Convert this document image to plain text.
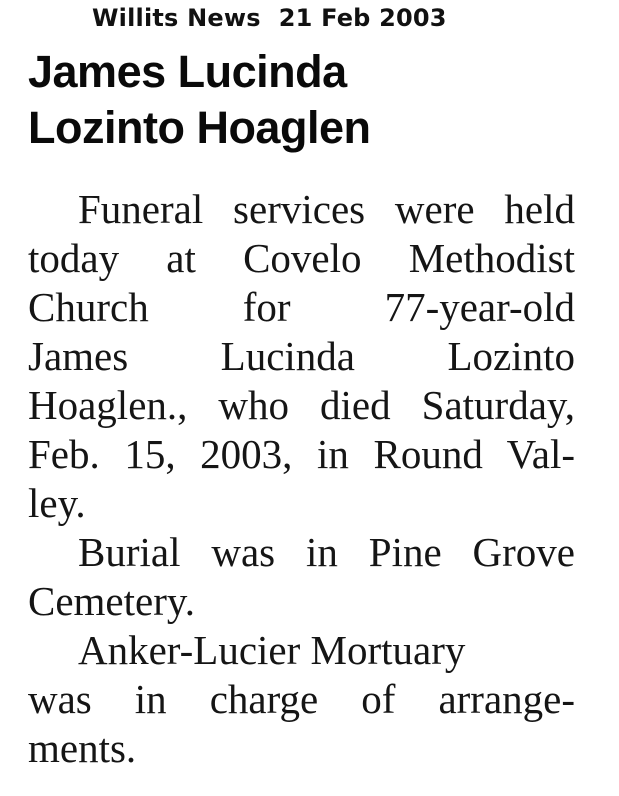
Willits News 21 Feb 2003
James Lucinda
Lozinto Hoaglen
Funeral services were held
today at Covelo Methodist
Church for 77-year-old
James Lucinda Lozinto
Hoaglen., who died Saturday,
Feb. 15, 2003, in Round Val-
ley.
Burial was in Pine Grove
Cemetery.
Anker-Lucier Mortuary
was in charge of arrange-
ments.
